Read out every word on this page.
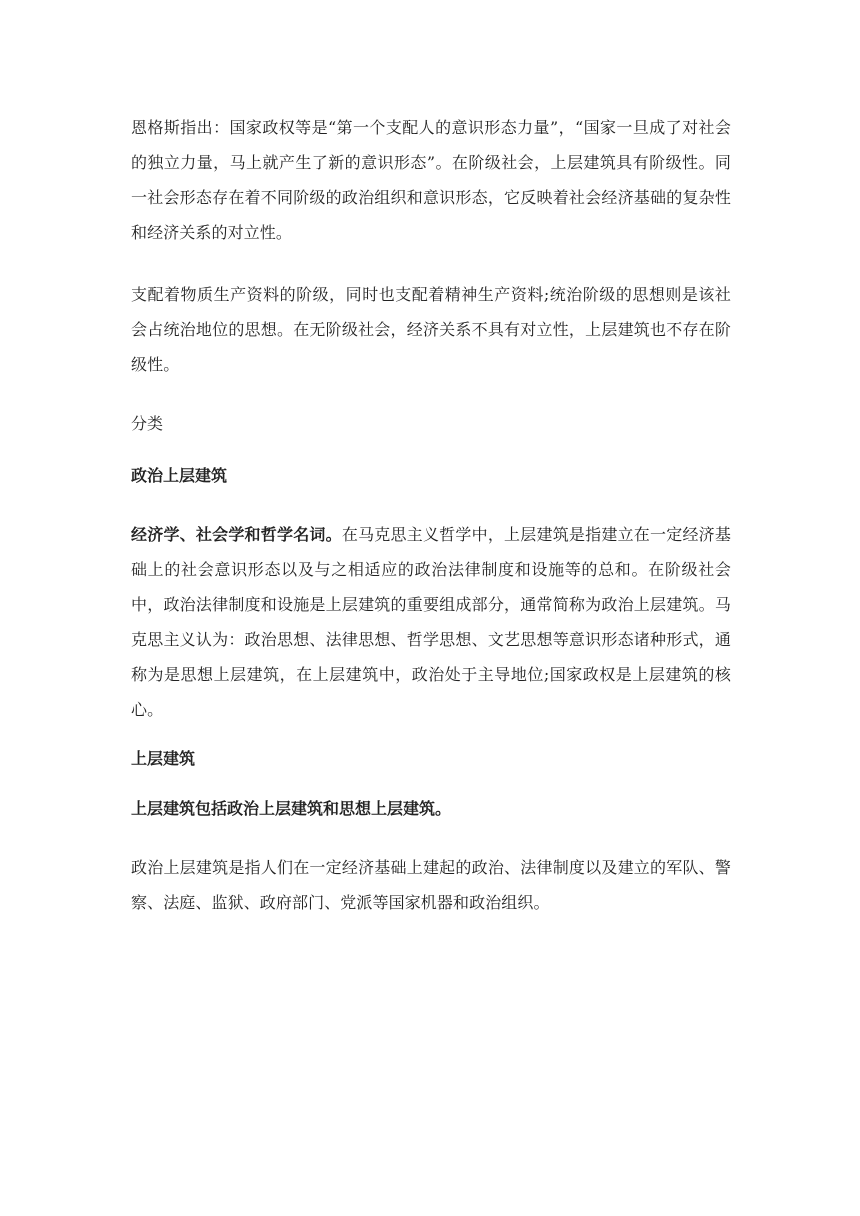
恩格斯指出：国家政权等是“第一个支配人的意识形态力量”，“国家一旦成了对社会的独立力量，马上就产生了新的意识形态”。在阶级社会，上层建筑具有阶级性。同一社会形态存在着不同阶级的政治组织和意识形态，它反映着社会经济基础的复杂性和经济关系的对立性。

支配着物质生产资料的阶级，同时也支配着精神生产资料;统治阶级的思想则是该社会占统治地位的思想。在无阶级社会，经济关系不具有对立性，上层建筑也不存在阶级性。

分类
政治上层建筑

经济学、社会学和哲学名词。在马克思主义哲学中，上层建筑是指建立在一定经济基础上的社会意识形态以及与之相适应的政治法律制度和设施等的总和。在阶级社会中，政治法律制度和设施是上层建筑的重要组成部分，通常简称为政治上层建筑。马克思主义认为：政治思想、法律思想、哲学思想、文艺思想等意识形态诸种形式，通称为是思想上层建筑，在上层建筑中，政治处于主导地位;国家政权是上层建筑的核心。

上层建筑
上层建筑包括政治上层建筑和思想上层建筑。

政治上层建筑是指人们在一定经济基础上建起的政治、法律制度以及建立的军队、警察、法庭、监狱、政府部门、党派等国家机器和政治组织。
